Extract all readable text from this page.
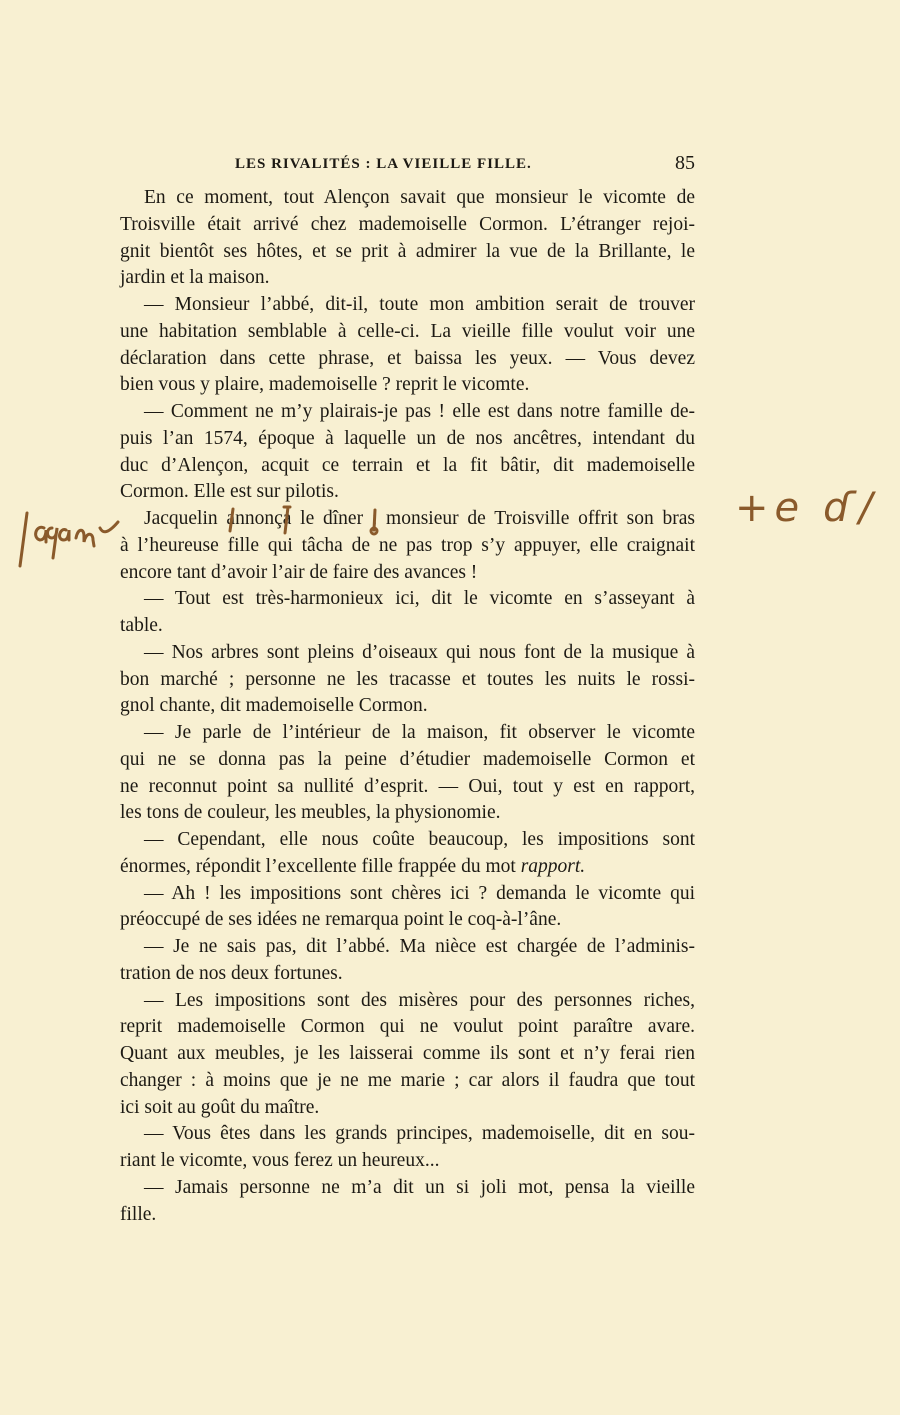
LES RIVALITÉS : LA VIEILLE FILLE.	85
En ce moment, tout Alençon savait que monsieur le vicomte de
Troisville était arrivé chez mademoiselle Cormon. L’étranger rejoi-
gnit bientôt ses hôtes, et se prit à admirer la vue de la Brillante, le
jardin et la maison.
— Monsieur l’abbé, dit-il, toute mon ambition serait de trouver
une habitation semblable à celle-ci. La vieille fille voulut voir une
déclaration dans cette phrase, et baissa les yeux. — Vous devez
bien vous y plaire, mademoiselle ? reprit le vicomte.
— Comment ne m’y plairais-je pas ! elle est dans notre famille de-
puis l’an 1574, époque à laquelle un de nos ancêtres, intendant du
duc d’Alençon, acquit ce terrain et la fit bâtir, dit mademoiselle
Cormon. Elle est sur pilotis.
Jacquelin annonça le dîner ; monsieur de Troisville offrit son bras
à l’heureuse fille qui tâcha de ne pas trop s’y appuyer, elle craignait
encore tant d’avoir l’air de faire des avances !
— Tout est très-harmonieux ici, dit le vicomte en s’asseyant à
table.
— Nos arbres sont pleins d’oiseaux qui nous font de la musique à
bon marché ; personne ne les tracasse et toutes les nuits le rossi-
gnol chante, dit mademoiselle Cormon.
— Je parle de l’intérieur de la maison, fit observer le vicomte
qui ne se donna pas la peine d’étudier mademoiselle Cormon et
ne reconnut point sa nullité d’esprit. — Oui, tout y est en rapport,
les tons de couleur, les meubles, la physionomie.
— Cependant, elle nous coûte beaucoup, les impositions sont
énormes, répondit l’excellente fille frappée du mot rapport.
— Ah ! les impositions sont chères ici ? demanda le vicomte qui
préoccupé de ses idées ne remarqua point le coq-à-l’âne.
— Je ne sais pas, dit l’abbé. Ma nièce est chargée de l’adminis-
tration de nos deux fortunes.
— Les impositions sont des misères pour des personnes riches,
reprit mademoiselle Cormon qui ne voulut point paraître avare.
Quant aux meubles, je les laisserai comme ils sont et n’y ferai rien
changer : à moins que je ne me marie ; car alors il faudra que tout
ici soit au goût du maître.
— Vous êtes dans les grands principes, mademoiselle, dit en sou-
riant le vicomte, vous ferez un heureux...
— Jamais personne ne m’a dit un si joli mot, pensa la vieille
fille.
+e ɗ/
